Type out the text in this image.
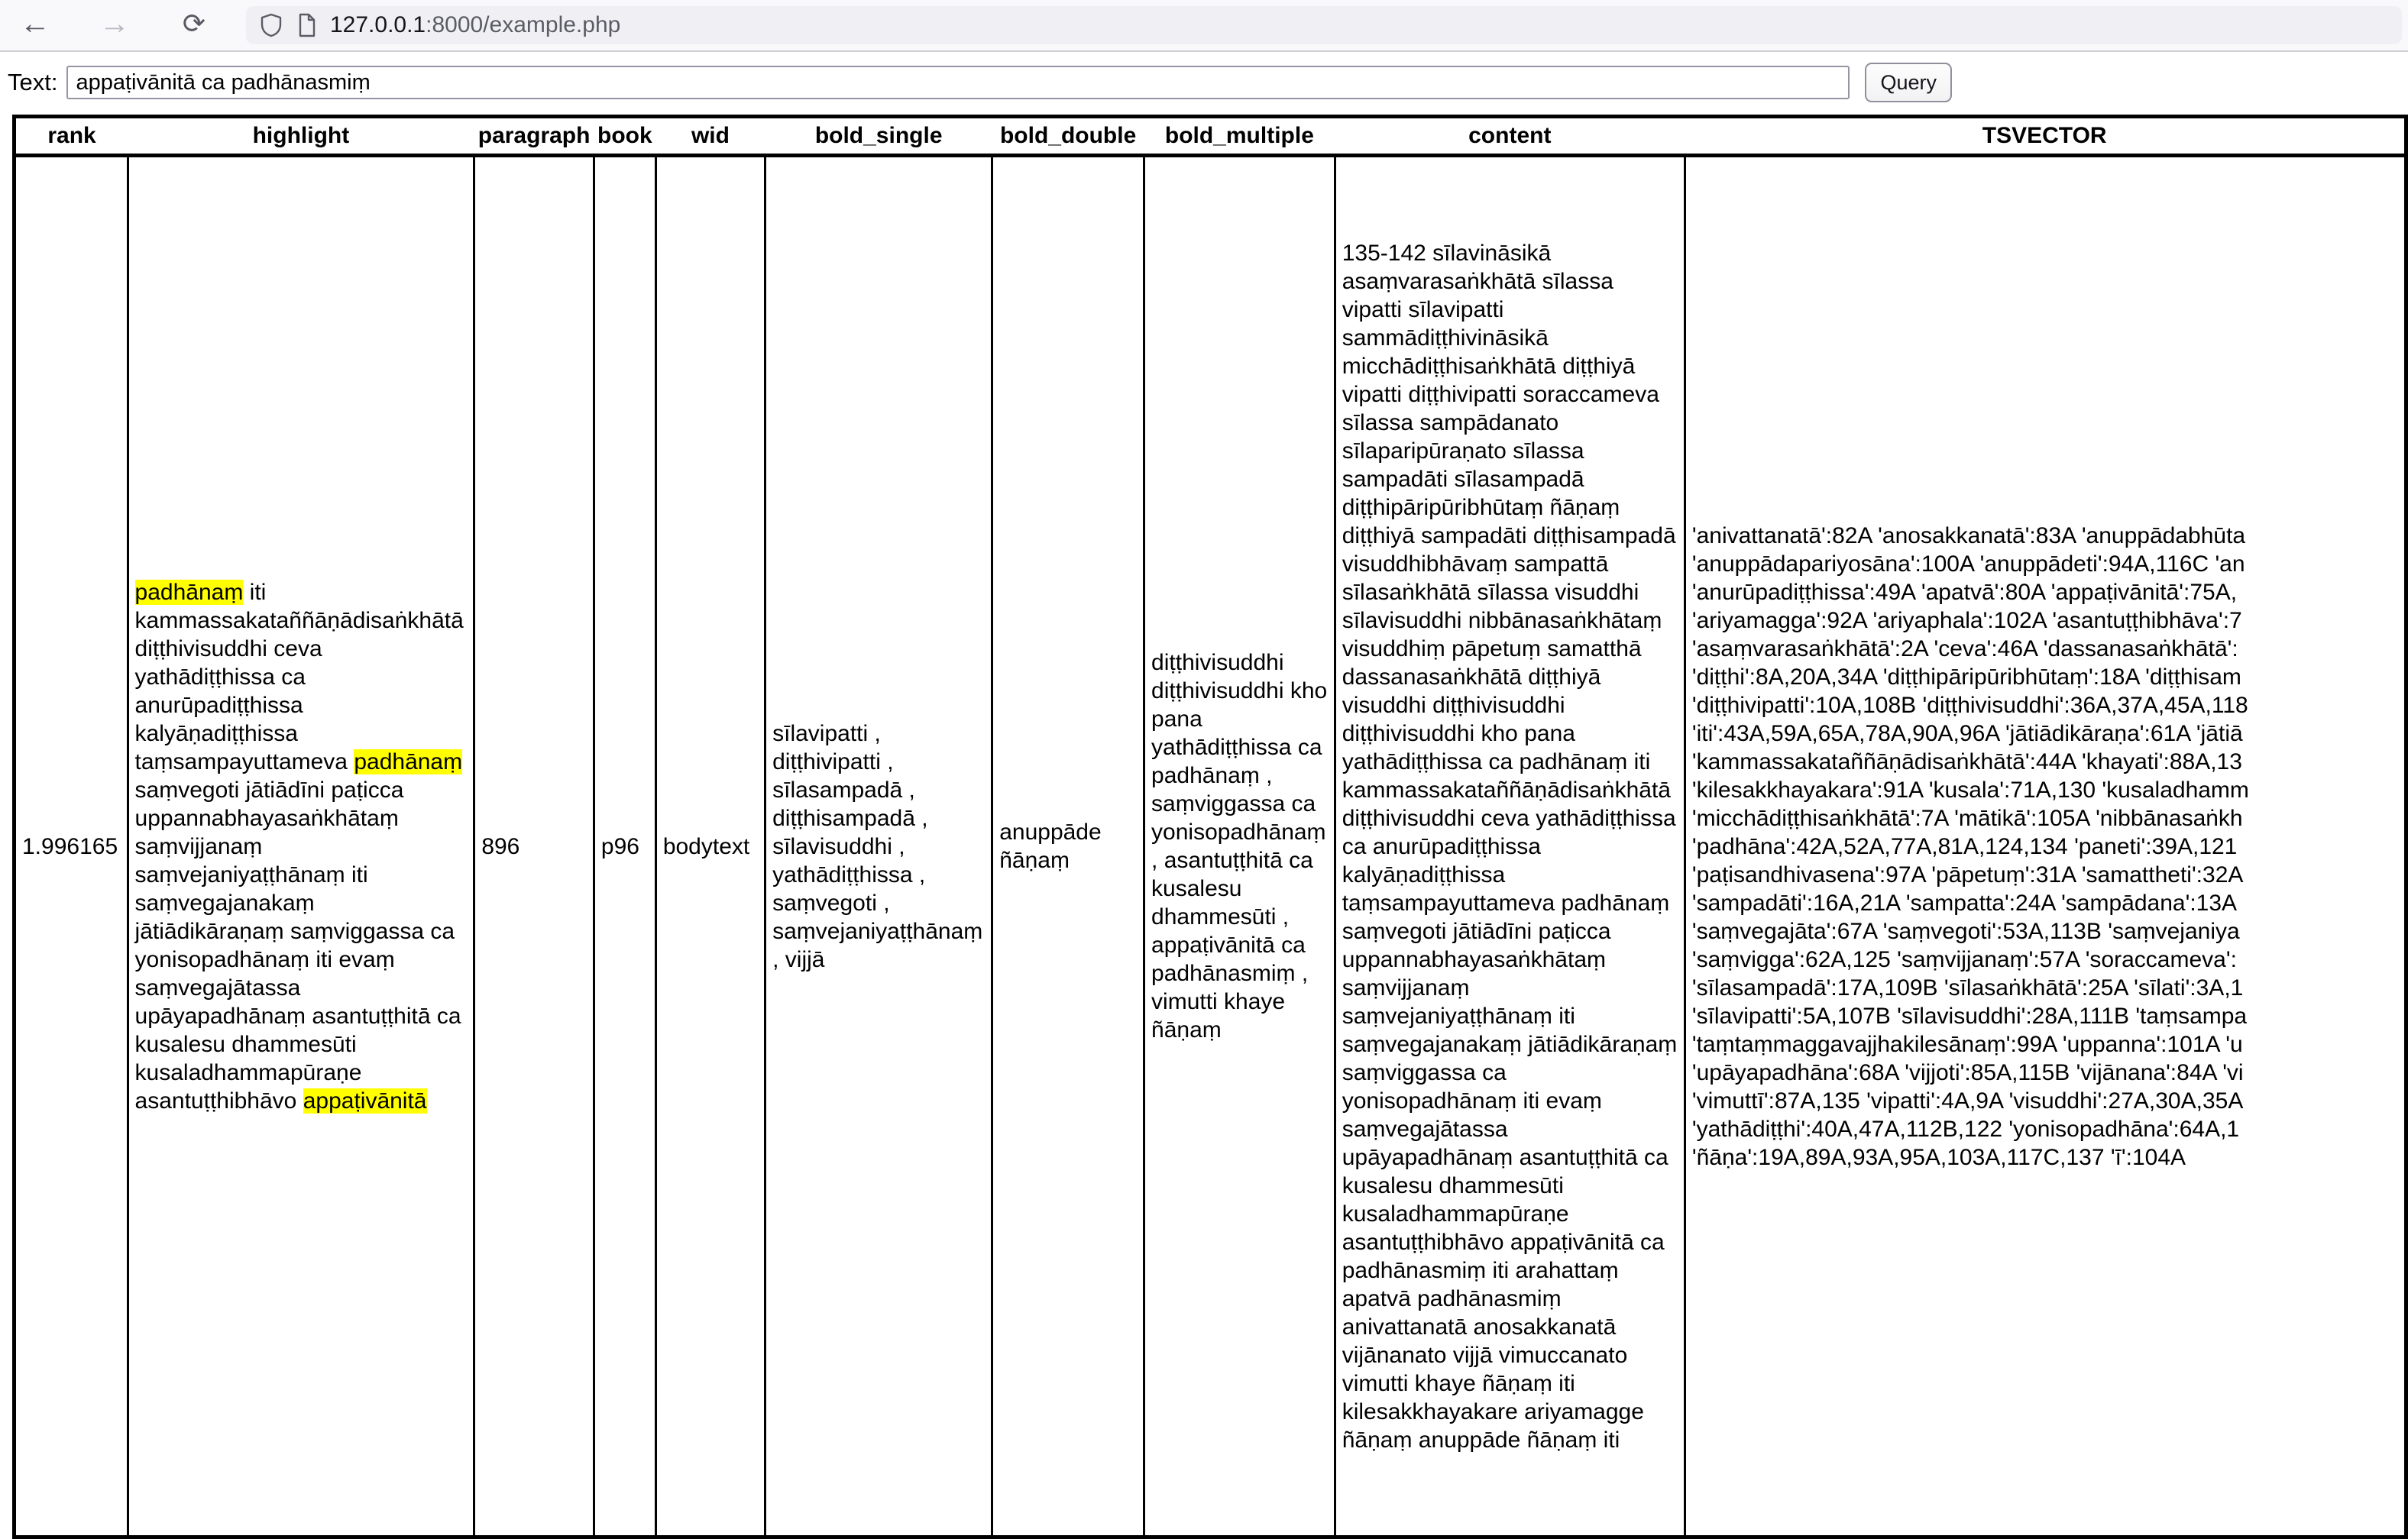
← →	⟳	127.0.0.1:8000/example.php
Text:
appaṭivānitā ca padhānasmiṃ	Query
rank	highlight	paragraph	book	wid	bold_single	bold_double	bold_multiple	content	TSVECTOR
1.996165	padhānaṃ iti kammassakataññāṇādisaṅkhātā diṭṭhivisuddhi ceva yathādiṭṭhissa ca anurūpadiṭṭhissa kalyāṇadiṭṭhissa taṃsampayuttameva padhānaṃ saṃvegoti jātiādīni paṭicca uppannabhayasaṅkhātaṃ saṃvijjanaṃ saṃvejaniyaṭṭhānaṃ iti saṃvegajanakaṃ jātiādikāraṇaṃ saṃviggassa ca yonisopadhānaṃ iti evaṃ saṃvegajātassa upāyapadhānaṃ asantuṭṭhitā ca kusalesu dhammesūti kusaladhammapūraṇe asantuṭṭhibhāvo appaṭivānitā	896	p96	bodytext	sīlavipatti , diṭṭhivipatti , sīlasampadā , diṭṭhisampadā , sīlavisuddhi , yathādiṭṭhissa , saṃvegoti , saṃvejaniyaṭṭhānaṃ , vijjā	anuppāde ñāṇaṃ	diṭṭhivisuddhi diṭṭhivisuddhi kho pana yathādiṭṭhissa ca padhānaṃ , saṃviggassa ca yonisopadhānaṃ , asantuṭṭhitā ca kusalesu dhammesūti , appaṭivānitā ca padhānasmiṃ , vimutti khaye ñāṇaṃ	135-142 sīlavināsikā asaṃvarasaṅkhātā sīlassa vipatti sīlavipatti sammādiṭṭhivināsikā micchādiṭṭhisaṅkhātā diṭṭhiyā vipatti diṭṭhivipatti soraccameva sīlassa sampādanato sīlaparipūraṇato sīlassa sampadāti sīlasampadā diṭṭhipāripūribhūtaṃ ñāṇaṃ diṭṭhiyā sampadāti diṭṭhisampadā visuddhibhāvaṃ sampattā sīlasaṅkhātā sīlassa visuddhi sīlavisuddhi nibbānasaṅkhātaṃ visuddhiṃ pāpetuṃ samatthā dassanasaṅkhātā diṭṭhiyā visuddhi diṭṭhivisuddhi diṭṭhivisuddhi kho pana yathādiṭṭhissa ca padhānaṃ iti kammassakataññāṇādisaṅkhātā diṭṭhivisuddhi ceva yathādiṭṭhissa ca anurūpadiṭṭhissa kalyāṇadiṭṭhissa taṃsampayuttameva padhānaṃ saṃvegoti jātiādīni paṭicca uppannabhayasaṅkhātaṃ saṃvijjanaṃ saṃvejaniyaṭṭhānaṃ iti saṃvegajanakaṃ jātiādikāraṇaṃ saṃviggassa ca yonisopadhānaṃ iti evaṃ saṃvegajātassa upāyapadhānaṃ asantuṭṭhitā ca kusalesu dhammesūti kusaladhammapūraṇe asantuṭṭhibhāvo appaṭivānitā ca padhānasmiṃ iti arahattaṃ apatvā padhānasmiṃ anivattanatā anosakkanatā vijānanato vijjā vimuccanato vimutti khaye ñāṇaṃ iti kilesakkhayakare ariyamagge ñāṇaṃ anuppāde ñāṇaṃ iti	
'anivattanatā':82A 'anosakkanatā':83A 'anuppādabhūta
'anuppādapariyosāna':100A 'anuppādeti':94A,116C 'an
'anurūpadiṭṭhissa':49A 'apatvā':80A 'appaṭivānitā':75A,
'ariyamagga':92A 'ariyaphala':102A 'asantuṭṭhibhāva':7
'asaṃvarasaṅkhātā':2A 'ceva':46A 'dassanasaṅkhātā':
'diṭṭhi':8A,20A,34A 'diṭṭhipāripūribhūtaṃ':18A 'diṭṭhisam
'diṭṭhivipatti':10A,108B 'diṭṭhivisuddhi':36A,37A,45A,118
'iti':43A,59A,65A,78A,90A,96A 'jātiādikāraṇa':61A 'jātiā
'kammassakataññāṇādisaṅkhātā':44A 'khayati':88A,13
'kilesakkhayakara':91A 'kusala':71A,130 'kusaladhamm
'micchādiṭṭhisaṅkhātā':7A 'mātikā':105A 'nibbānasaṅkh
'padhāna':42A,52A,77A,81A,124,134 'paneti':39A,121
'paṭisandhivasena':97A 'pāpetuṃ':31A 'samattheti':32A
'sampadāti':16A,21A 'sampatta':24A 'sampādana':13A
'saṃvegajāta':67A 'saṃvegoti':53A,113B 'saṃvejaniya
'saṃvigga':62A,125 'saṃvijjanaṃ':57A 'soraccameva':
'sīlasampadā':17A,109B 'sīlasaṅkhātā':25A 'sīlati':3A,1
'sīlavipatti':5A,107B 'sīlavisuddhi':28A,111B 'taṃsampa
'taṃtaṃmaggavajjhakilesānaṃ':99A 'uppanna':101A 'u
'upāyapadhāna':68A 'vijjoti':85A,115B 'vijānana':84A 'vi
'vimuttī':87A,135 'vipatti':4A,9A 'visuddhi':27A,30A,35A
'yathādiṭṭhi':40A,47A,112B,122 'yonisopadhāna':64A,1
'ñāṇa':19A,89A,93A,95A,103A,117C,137 'ī':104A
